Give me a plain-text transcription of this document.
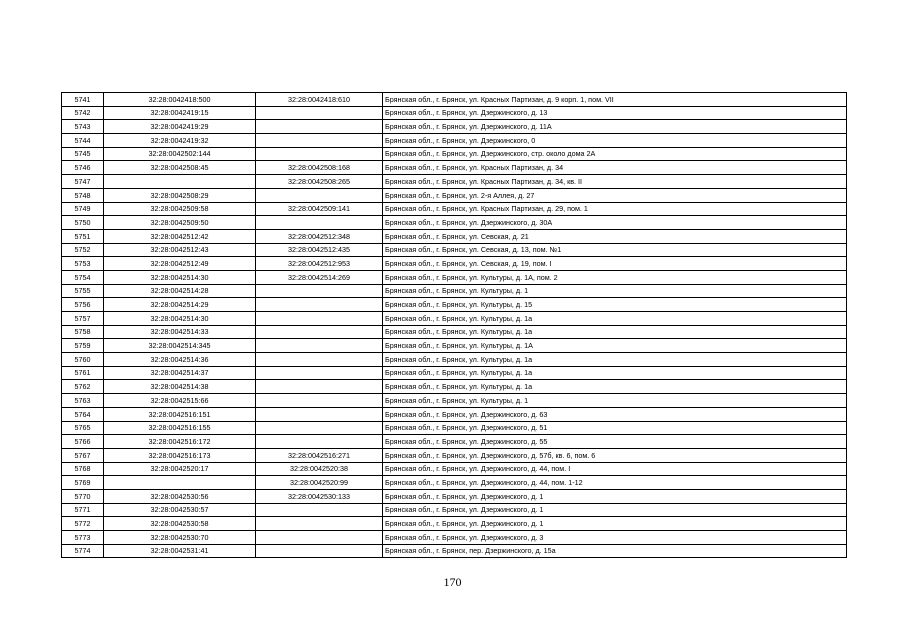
5741	32:28:0042418:500	32:28:0042418:610	Брянская обл., г. Брянск, ул. Красных Партизан, д. 9 корп. 1, пом. VII
5742	32:28:0042419:15		Брянская обл., г. Брянск, ул. Дзержинского, д. 13
5743	32:28:0042419:29		Брянская обл., г. Брянск, ул. Дзержинского, д. 11А
5744	32:28:0042419:32		Брянская обл., г. Брянск, ул. Дзержинского, 0
5745	32:28:0042502:144		Брянская обл., г. Брянск, ул. Дзержинского, стр. около дома 2А
5746	32:28:0042508:45	32:28:0042508:168	Брянская обл., г. Брянск, ул. Красных Партизан, д. 34
5747		32:28:0042508:265	Брянская обл., г. Брянск, ул. Красных Партизан, д. 34, кв. II
5748	32:28:0042508:29		Брянская обл., г. Брянск, ул. 2-я Аллея, д. 27
5749	32:28:0042509:58	32:28:0042509:141	Брянская обл., г. Брянск, ул. Красных Партизан, д. 29, пом. 1
5750	32:28:0042509:50		Брянская обл., г. Брянск, ул. Дзержинского, д. 30А
5751	32:28:0042512:42	32:28:0042512:348	Брянская обл., г. Брянск, ул. Севская, д. 21
5752	32:28:0042512:43	32:28:0042512:435	Брянская обл., г. Брянск, ул. Севская, д. 13, пом. №1
5753	32:28:0042512:49	32:28:0042512:953	Брянская обл., г. Брянск, ул. Севская, д. 19, пом. I
5754	32:28:0042514:30	32:28:0042514:269	Брянская обл., г. Брянск, ул. Культуры, д. 1А, пом. 2
5755	32:28:0042514:28		Брянская обл., г. Брянск, ул. Культуры, д. 1
5756	32:28:0042514:29		Брянская обл., г. Брянск, ул. Культуры, д. 15
5757	32:28:0042514:30		Брянская обл., г. Брянск, ул. Культуры, д. 1а
5758	32:28:0042514:33		Брянская обл., г. Брянск, ул. Культуры, д. 1а
5759	32:28:0042514:345		Брянская обл., г. Брянск, ул. Культуры, д. 1А
5760	32:28:0042514:36		Брянская обл., г. Брянск, ул. Культуры, д. 1а
5761	32:28:0042514:37		Брянская обл., г. Брянск, ул. Культуры, д. 1а
5762	32:28:0042514:38		Брянская обл., г. Брянск, ул. Культуры, д. 1а
5763	32:28:0042515:66		Брянская обл., г. Брянск, ул. Культуры, д. 1
5764	32:28:0042516:151		Брянская обл., г. Брянск, ул. Дзержинского, д. 63
5765	32:28:0042516:155		Брянская обл., г. Брянск, ул. Дзержинского, д. 51
5766	32:28:0042516:172		Брянская обл., г. Брянск, ул. Дзержинского, д. 55
5767	32:28:0042516:173	32:28:0042516:271	Брянская обл., г. Брянск, ул. Дзержинского, д. 57б, кв. 6, пом. 6
5768	32:28:0042520:17	32:28:0042520:38	Брянская обл., г. Брянск, ул. Дзержинского, д. 44, пом. I
5769		32:28:0042520:99	Брянская обл., г. Брянск, ул. Дзержинского, д. 44, пом. 1-12
5770	32:28:0042530:56	32:28:0042530:133	Брянская обл., г. Брянск, ул. Дзержинского, д. 1
5771	32:28:0042530:57		Брянская обл., г. Брянск, ул. Дзержинского, д. 1
5772	32:28:0042530:58		Брянская обл., г. Брянск, ул. Дзержинского, д. 1
5773	32:28:0042530:70		Брянская обл., г. Брянск, ул. Дзержинского, д. 3
5774	32:28:0042531:41		Брянская обл., г. Брянск, пер. Дзержинского, д. 15а
170
